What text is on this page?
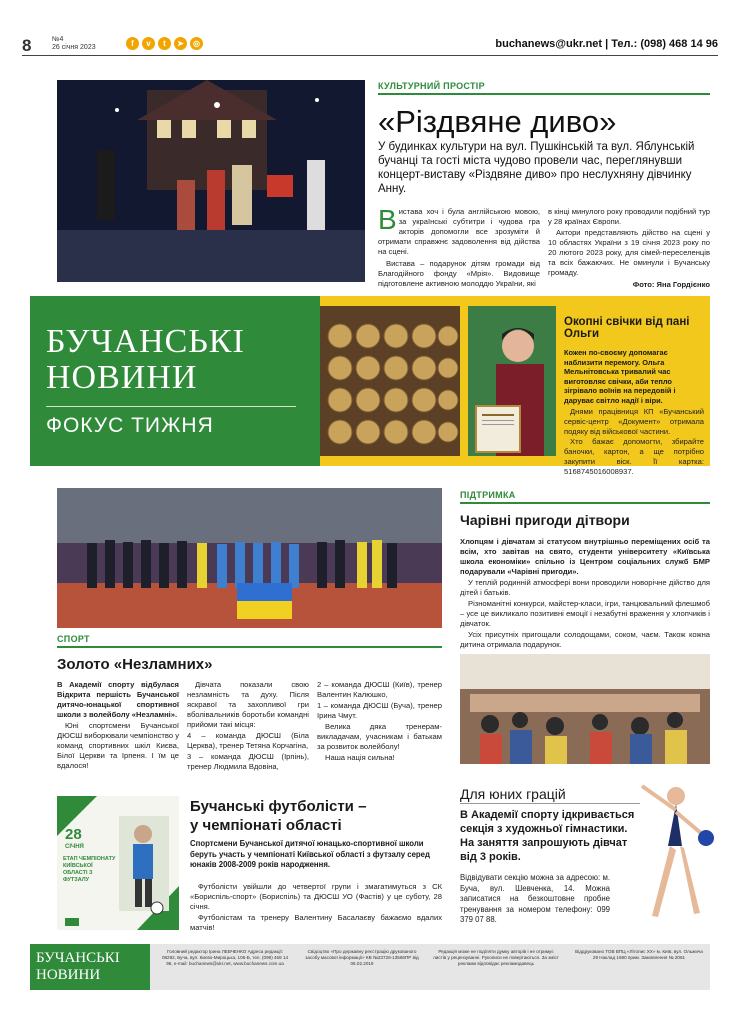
8	№4
26 січня 2023	f	v	t	➤	◎	buchanews@ukr.net | Тел.: (098) 468 14 96
КУЛЬТУРНИЙ ПРОСТІР
«Різдвяне диво»
У будинках культури на вул. Пушкінській та вул. Яблунській бучанці та гості міста чудово провели час, переглянувши концерт-виставу «Різдвяне диво» про неслухняну дівчинку Анну.
В истава хоч і була англійською мовою, за українські субтитри і чудова гра акторів допомогли все зрозуміти й отримати справжнє задоволення від дійства на сцені.

Вистава – подарунок дітям громади від Благодійного фонду «Мрія». Видовище підготовлене активною молоддю України, які

в кінці минулого року проводили подібний тур у 28 країнах Європи.

Актори представляють дійство на сцені у 10 областях України з 19 січня 2023 року по 20 лютого 2023 року, для сімей-переселенців та всіх бажаючих. Не оминули і Бучанську громаду.

Фото: Яна Гордієнко

БУЧАНСЬКІ
НОВИНИ
ФОКУС ТИЖНЯ
Окопні свічки від пані Ольги
Кожен по-своєму допомагає наблизити перемогу. Ольга Мельнітовська тривалий час виготовляє свічки, аби тепло зігрівало воїнів на передовій і даруває світло надії і віри.
Днями працівниця КП «Бучанський сервіс-центр «Документ» отримала подяку від військової частини.
Хто бажає допомогти, збирайте баночки, картон, а ще потрібно закупити віск. Її картка: 5168745016008937.
СПОРТ
Золото «Незламних»

В Академії спорту відбулася Відкрита першість Бучанської дитячо-юнацької спортивної школи з волейболу «Незламні».

Юні спортсмени Бучанської ДЮСШ виборювали чемпіонство у команд спортивних шкіл Києва, Білої Церкви та Ірпеня. І їм це вдалося!

Дівчата показали свою незламність та духу. Після яскравої та захопливої гри вболівальників боротьби командні прийоми такі місця:

4 – команда ДЮСШ (Біла Церква), тренер Тетяна Корчагіна,

3 – команда ДЮСШ (Ірпінь), тренер Людмила Вдовіна,

2 – команда ДЮСШ (Київ), тренер Валентин Калюшко,

1 – команда ДЮСШ (Буча), тренер Ірина Чмут.

Велика дяка тренерам-викладачам, учасникам і батькам за розвиток волейболу!

Наша нація сильна!

ПІДТРИМКА
Чарівні пригоди дітвори

Хлопцям і дівчатам зі статусом внутрішньо переміщених осіб та всім, хто завітав на свято, студенти університету «Київська школа економіки» спільно із Центром соціальних служб БМР подарували «Чарівні пригоди».

У теплій родинній атмосфері вони проводили новорічне дійство для дітей і батьків.

Різноманітні конкурси, майстер-класи, ігри, танцювальний флешмоб – усе це викликало позитивні емоції і незабутні враження у хлопчиків і дівчаток.

Усіх присутніх пригощали солодощами, соком, чаєм. Також кожна дитина отримала подарунок.

28
СІЧНЯ
ЕТАП ЧЕМПІОНАТУ КИЇВСЬКОЇ ОБЛАСТІ З ФУТЗАЛУ
Бучанські футболісти –
у чемпіонаті області
Спортсмени Бучанської дитячої юнацько-спортивної школи беруть участь у чемпіонаті Київської області з футзалу серед юнаків 2008-2009 років народження.

Футболісти увійшли до четвертої групи і змагатимуться з СК «Бориспіль-спорт» (Бориспіль) та ДЮСШ УО (Фастів) у це суботу, 28 січня.

Футболістам та тренеру Валентину Басалаєву бажаємо вдалих матчів!

Для юних грацій
В Академії спорту ідкривається секція з художньої гімнастики. На заняття запрошують дівчат від 3 років.
Відвідувати секцію можна за адресою: м. Буча, вул. Шевченка, 14. Можна записатися на безкоштовне пробне тренування за номером телефону: 099 379 07 88.
БУЧАНСЬКІ
НОВИНИ
Головний редактор Ірина ЛЕВЧЕНКО Адреса редакції: 08292, Буча, вул. Києво-Мироцька, 106-Б, тел. (098) 468 14 96, e-mail: buchanews@ukr.net, www.buchanews.com.ua
Свідоцтво «Про державну реєстрацію друкованого засобу масової інформації» КВ №23726-13566ПР від 06.02.2019
Редакція може не поділяти думку авторів і не отримує листів у рецензуванні. Рукописи не повертаються. За зміст реклами відповідає рекламодавець
Віддруковано ТОВ ВПЦ «Літопис ХХ» м. Київ, вул. Ольжича 29 Наклад 1690 прим. Замовлення № 2061
